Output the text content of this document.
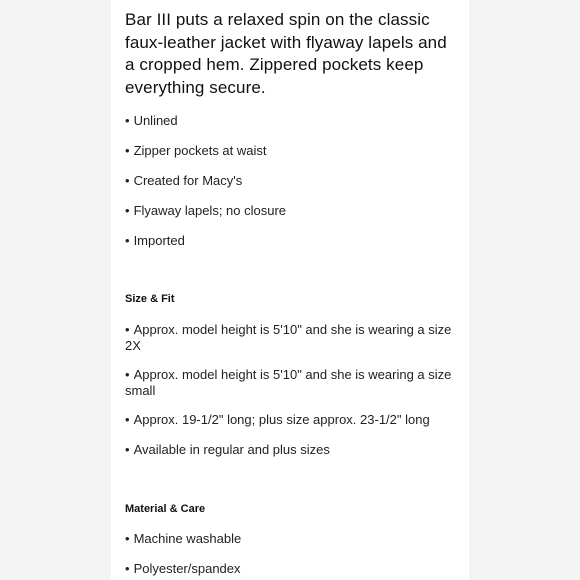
Bar III puts a relaxed spin on the classic faux-leather jacket with flyaway lapels and a cropped hem. Zippered pockets keep everything secure.

• Unlined
• Zipper pockets at waist
• Created for Macy's
• Flyaway lapels; no closure
• Imported
Size & Fit
• Approx. model height is 5'10" and she is wearing a size 2X
• Approx. model height is 5'10" and she is wearing a size small
• Approx. 19-1/2" long; plus size approx. 23-1/2" long
• Available in regular and plus sizes
Material & Care
• Machine washable
• Polyester/spandex
